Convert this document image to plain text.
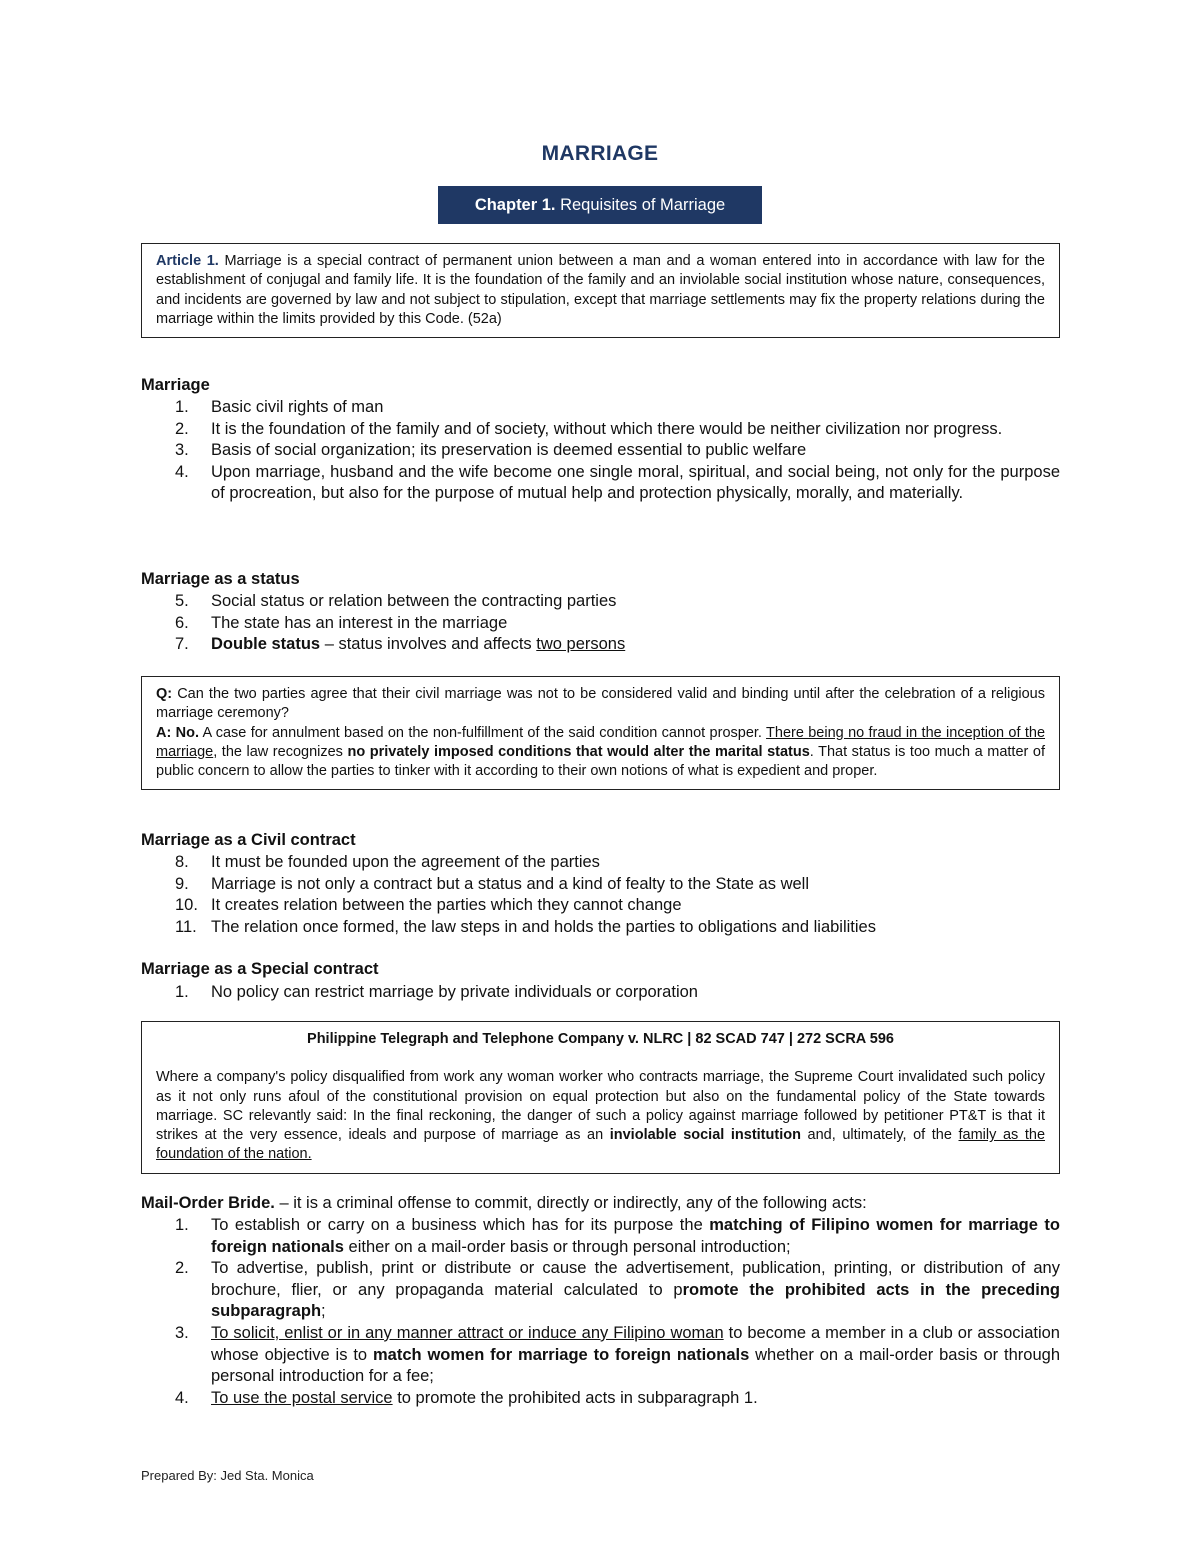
MARRIAGE
Chapter 1.
Requisites of Marriage

Article 1. Marriage is a special contract of permanent union between a man and a woman entered into in accordance with law for the establishment of conjugal and family life. It is the foundation of the family and an inviolable social institution whose nature, consequences, and incidents are governed by law and not subject to stipulation, except that marriage settlements may fix the property relations during the marriage within the limits provided by this Code. (52a)

Marriage
1.	Basic civil rights of man
2.	It is the foundation of the family and of society, without which there would be neither civilization nor progress.
3.	Basis of social organization; its preservation is deemed essential to public welfare
4.	Upon marriage, husband and the wife become one single moral, spiritual, and social being, not only for the purpose of procreation, but also for the purpose of mutual help and protection physically, morally, and materially.
Marriage as a status
5.	Social status or relation between the contracting parties
6.	The state has an interest in the marriage
7.	Double status – status involves and affects two persons

Q: Can the two parties agree that their civil marriage was not to be considered valid and binding until after the celebration of a religious marriage ceremony?

A: No. A case for annulment based on the non-fulfillment of the said condition cannot prosper. There being no fraud in the inception of the marriage, the law recognizes no privately imposed conditions that would alter the marital status. That status is too much a matter of public concern to allow the parties to tinker with it according to their own notions of what is expedient and proper.

Marriage as a Civil contract
8.	It must be founded upon the agreement of the parties
9.	Marriage is not only a contract but a status and a kind of fealty to the State as well
10. It creates relation between the parties which they cannot change
11. The relation once formed, the law steps in and holds the parties to obligations and liabilities
Marriage as a Special contract
1.	No policy can restrict marriage by private individuals or corporation

Philippine Telegraph and Telephone Company v. NLRC | 82 SCAD 747 | 272 SCRA 596

Where a company's policy disqualified from work any woman worker who contracts marriage, the Supreme Court invalidated such policy as it not only runs afoul of the constitutional provision on equal protection but also on the fundamental policy of the State towards marriage. SC relevantly said: In the final reckoning, the danger of such a policy against marriage followed by petitioner PT&T is that it strikes at the very essence, ideals and purpose of marriage as an inviolable social institution and, ultimately, of the family as the foundation of the nation.

Mail-Order Bride. – it is a criminal offense to commit, directly or indirectly, any of the following acts:
1.	To establish or carry on a business which has for its purpose the matching of Filipino women for marriage to foreign nationals either on a mail-order basis or through personal introduction;
2.	To advertise, publish, print or distribute or cause the advertisement, publication, printing, or distribution of any brochure, flier, or any propaganda material calculated to promote the prohibited acts in the preceding subparagraph;
3.	To solicit, enlist or in any manner attract or induce any Filipino woman to become a member in a club or association whose objective is to match women for marriage to foreign nationals whether on a mail-order basis or through personal introduction for a fee;
4.	To use the postal service to promote the prohibited acts in subparagraph 1.
Prepared By: Jed Sta. Monica
